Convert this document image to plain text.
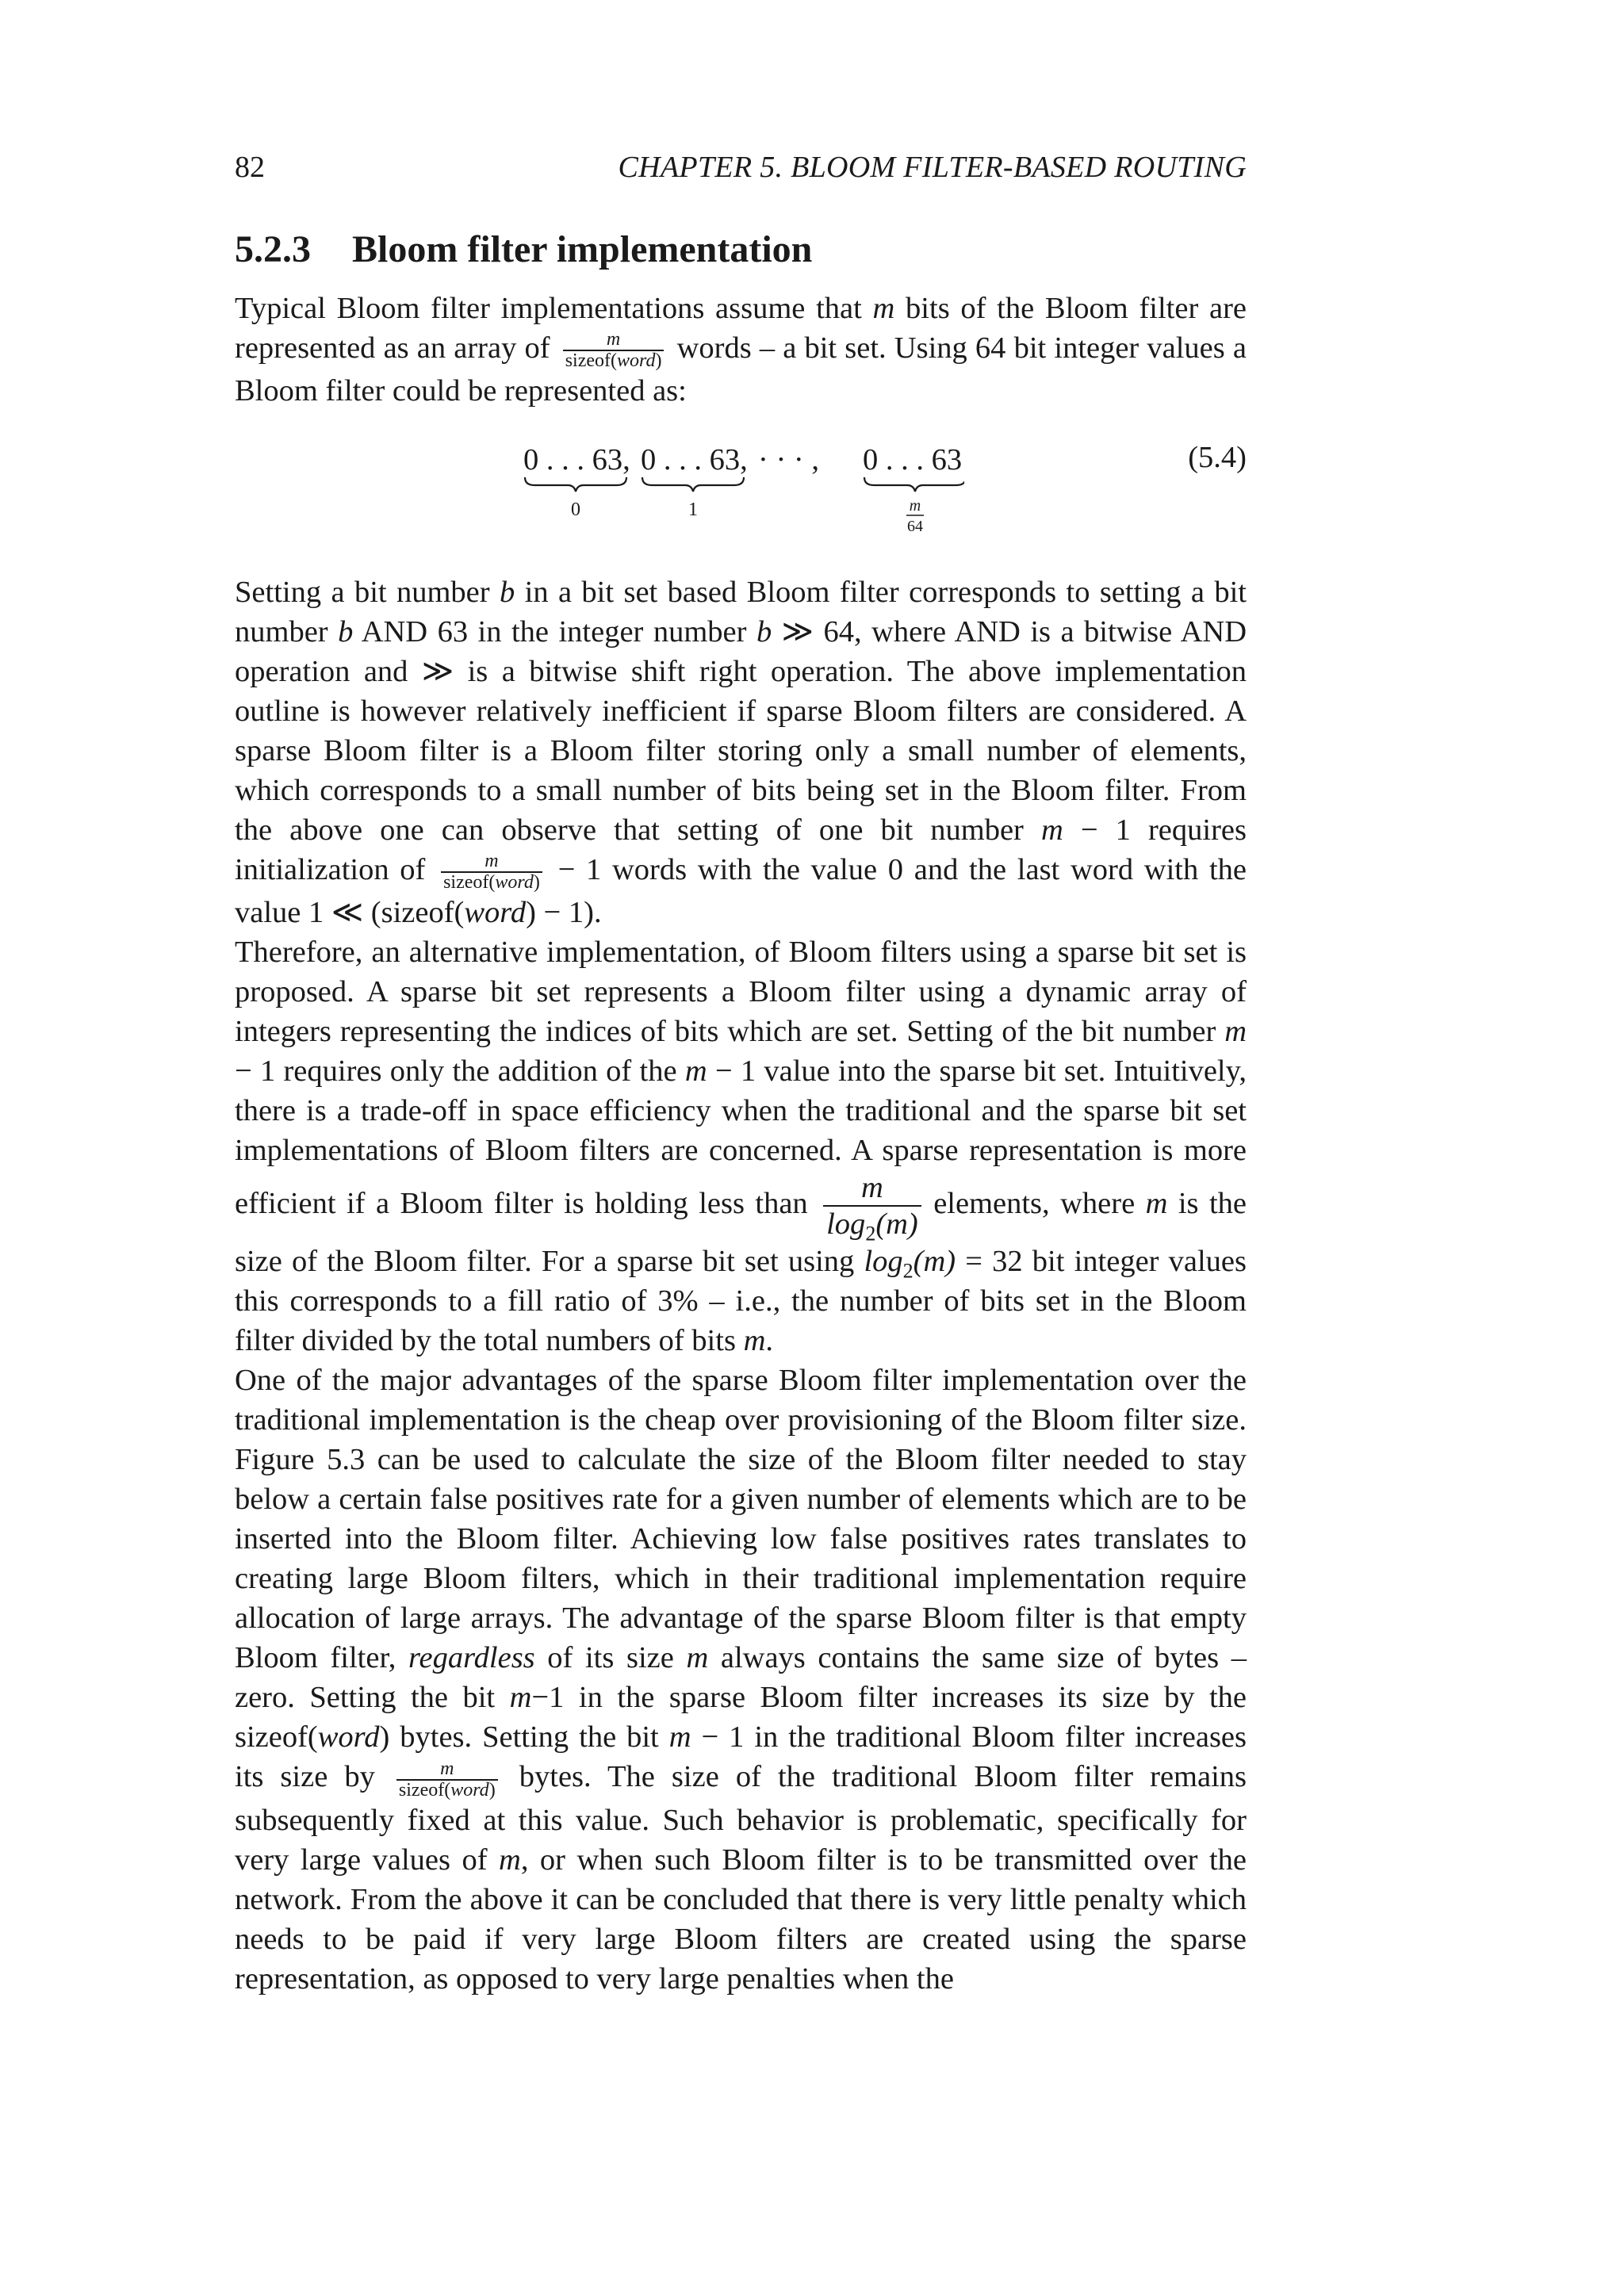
82	CHAPTER 5. BLOOM FILTER-BASED ROUTING
5.2.3 Bloom filter implementation

Typical Bloom filter implementations assume that m bits of the Bloom filter are represented as an array of $\frac{m}{\text{sizeof(word)}}$ words – a bit set. Using 64 bit integer values a Bloom filter could be represented as:

0 . . . 63, 0 . . . 63, · · · , 0 . . . 63
0	1	m
64
(5.4)

Setting a bit number b in a bit set based Bloom filter corresponds to setting a bit number b AND 63 in the integer number b ≫ 64, where AND is a bitwise AND operation and ≫ is a bitwise shift right operation. The above implementation outline is however relatively inefficient if sparse Bloom filters are considered. A sparse Bloom filter is a Bloom filter storing only a small number of elements, which corresponds to a small number of bits being set in the Bloom filter. From the above one can observe that setting of one bit number m − 1 requires initialization of $\frac{m}{\text{sizeof(word)}} - 1$ words with the value 0 and the last word with the value 1 ≪ (sizeof(word) − 1).

Therefore, an alternative implementation, of Bloom filters using a sparse bit set is proposed. A sparse bit set represents a Bloom filter using a dynamic array of integers representing the indices of bits which are set. Setting of the bit number m − 1 requires only the addition of the m − 1 value into the sparse bit set. Intuitively, there is a trade-off in space efficiency when the traditional and the sparse bit set implementations of Bloom filters are concerned. A sparse representation is more efficient if a Bloom filter is holding less than $\frac{m}{\log_2(m)}$ elements, where m is the size of the Bloom filter. For a sparse bit set using $\log_2(m) = 32$ bit integer values this corresponds to a fill ratio of 3% – i.e., the number of bits set in the Bloom filter divided by the total numbers of bits m.

One of the major advantages of the sparse Bloom filter implementation over the traditional implementation is the cheap over provisioning of the Bloom filter size. Figure 5.3 can be used to calculate the size of the Bloom filter needed to stay below a certain false positives rate for a given number of elements which are to be inserted into the Bloom filter. Achieving low false positives rates translates to creating large Bloom filters, which in their traditional implementation require allocation of large arrays. The advantage of the sparse Bloom filter is that empty Bloom filter, regardless of its size m always contains the same size of bytes – zero. Setting the bit m−1 in the sparse Bloom filter increases its size by the sizeof(word) bytes. Setting the bit m − 1 in the traditional Bloom filter increases its size by $\frac{m}{\text{sizeof(word)}}$ bytes. The size of the traditional Bloom filter remains subsequently fixed at this value. Such behavior is problematic, specifically for very large values of m, or when such Bloom filter is to be transmitted over the network. From the above it can be concluded that there is very little penalty which needs to be paid if very large Bloom filters are created using the sparse representation, as opposed to very large penalties when the
